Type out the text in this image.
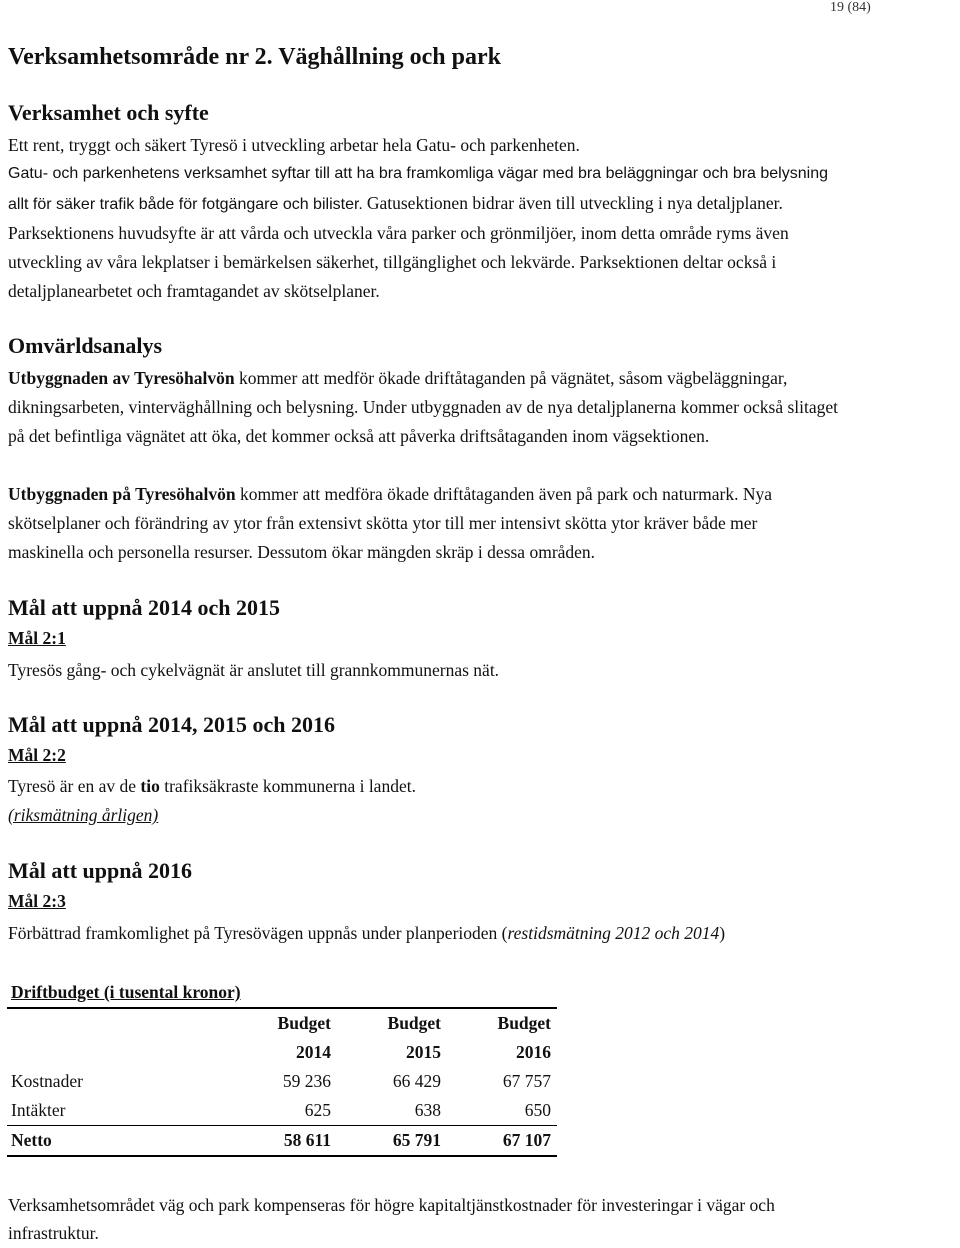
19 (84)
Verksamhetsområde nr 2. Väghållning och park
Verksamhet och syfte
Ett rent, tryggt och säkert Tyresö i utveckling arbetar hela Gatu- och parkenheten.
Gatu- och parkenhetens verksamhet syftar till att ha bra framkomliga vägar med bra beläggningar och bra belysning
allt för säker trafik både för fotgängare och bilister. Gatusektionen bidrar även till utveckling i nya detaljplaner.
Parksektionens huvudsyfte är att vårda och utveckla våra parker och grönmiljöer, inom detta område ryms även
utveckling av våra lekplatser i bemärkelsen säkerhet, tillgänglighet och lekvärde. Parksektionen deltar också i
detaljplanearbetet och framtagandet av skötselplaner.
Omvärldsanalys
Utbyggnaden av Tyresöhalvön kommer att medför ökade driftåtaganden på vägnätet, såsom vägbeläggningar,
dikningsarbeten, vinterväghållning och belysning. Under utbyggnaden av de nya detaljplanerna kommer också slitaget
på det befintliga vägnätet att öka, det kommer också att påverka driftsåtaganden inom vägsektionen.
Utbyggnaden på Tyresöhalvön kommer att medföra ökade driftåtaganden även på park och naturmark. Nya
skötselplaner och förändring av ytor från extensivt skötta ytor till mer intensivt skötta ytor kräver både mer
maskinella och personella resurser. Dessutom ökar mängden skräp i dessa områden.
Mål att uppnå 2014 och 2015
Mål 2:1
Tyresös gång- och cykelvägnät är anslutet till grannkommunernas nät.
Mål att uppnå 2014, 2015 och 2016
Mål 2:2
Tyresö är en av de tio trafiksäkraste kommunerna i landet.
(riksmätning årligen)
Mål att uppnå 2016
Mål 2:3
Förbättrad framkomlighet på Tyresövägen uppnås under planperioden (restidsmätning 2012 och 2014)
Driftbudget (i tusental kronor)			
	Budget	Budget	Budget
	2014	2015	2016
Kostnader	59 236	66 429	67 757
Intäkter	625	638	650
Netto	58 611	65 791	67 107
Verksamhetsområdet väg och park kompenseras för högre kapitaltjänstkostnader för investeringar i vägar och
infrastruktur.
